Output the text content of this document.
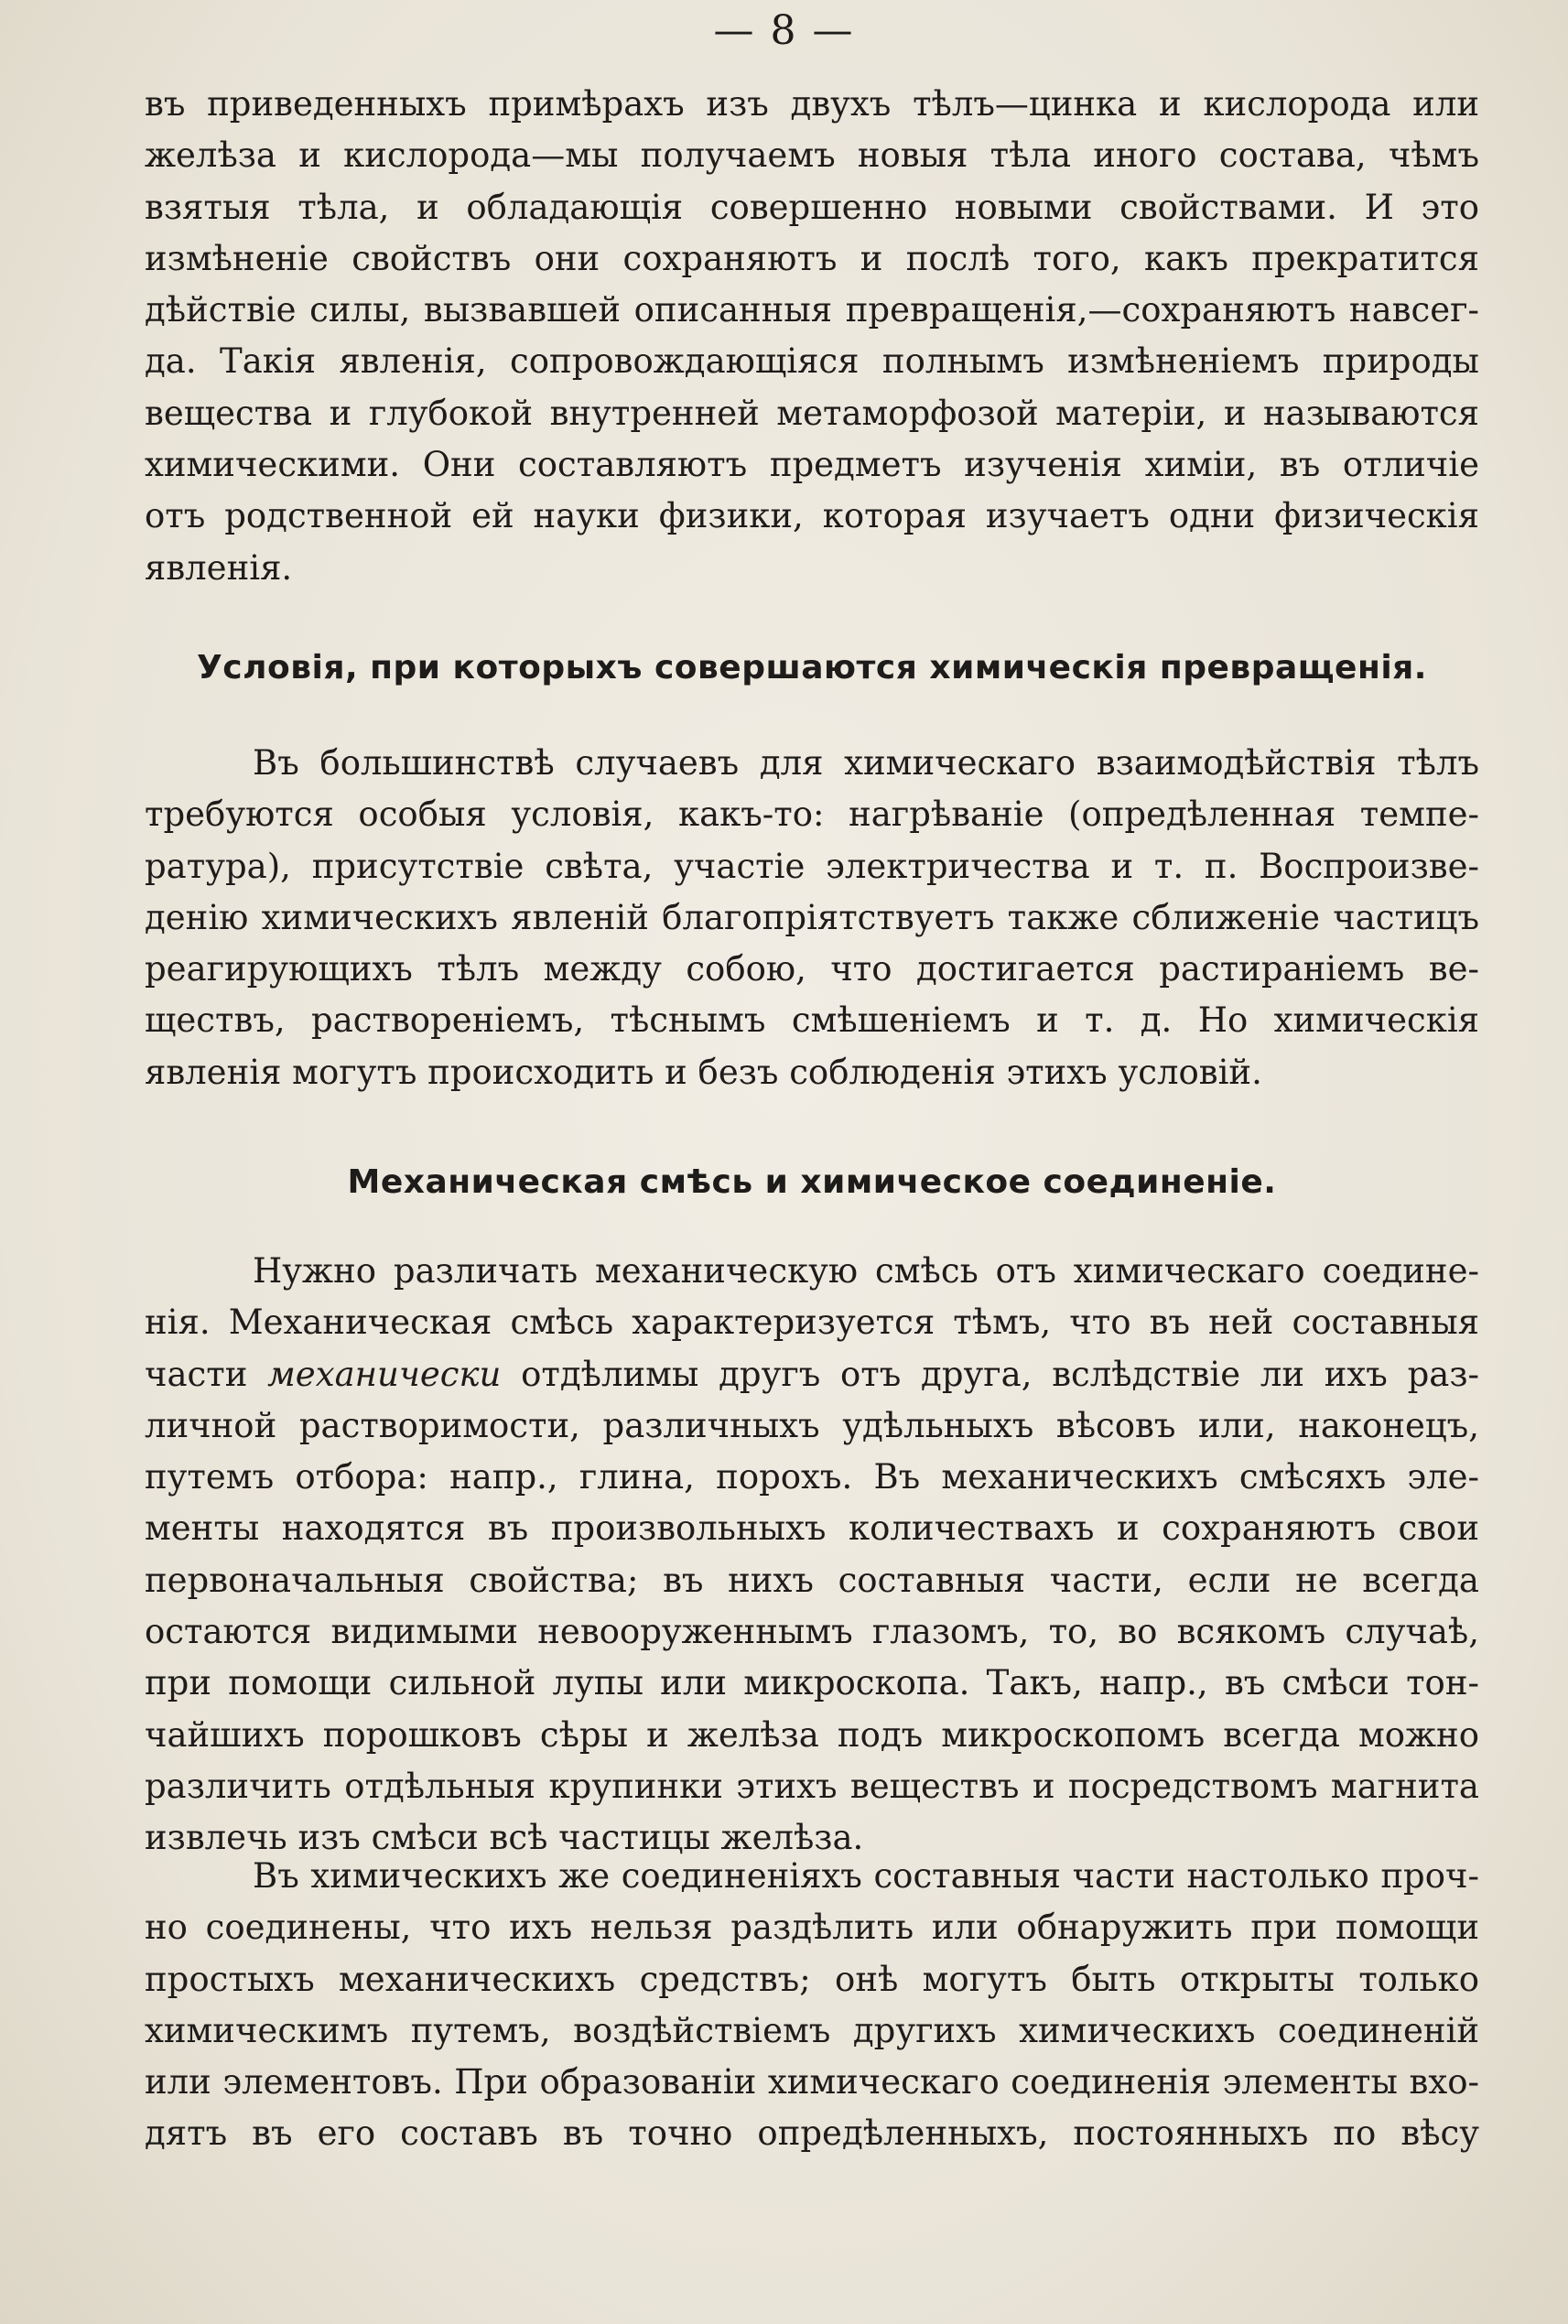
— 8 —

въ приведенныхъ примѣрахъ изъ двухъ тѣлъ—цинка и кислорода или

желѣза и кислорода—мы получаемъ новыя тѣла иного состава, чѣмъ

взятыя тѣла, и обладающія совершенно новыми свойствами. И это

измѣненіе свойствъ они сохраняютъ и послѣ того, какъ прекратится

дѣйствіе силы, вызвавшей описанныя превращенія,—сохраняютъ навсег-

да. Такія явленія, сопровождающіяся полнымъ измѣненіемъ природы

вещества и глубокой внутренней метаморфозой матеріи, и называются

химическими. Они составляютъ предметъ изученія химіи, въ отличіе

отъ родственной ей науки физики, которая изучаетъ одни физическія

явленія.

Условія, при которыхъ совершаются химическія превращенія.

Въ большинствѣ случаевъ для химическаго взаимодѣйствія тѣлъ

требуются особыя условія, какъ-то: нагрѣваніе (опредѣленная темпе-

ратура), присутствіе свѣта, участіе электричества и т. п. Воспроизве-

денію химическихъ явленій благопріятствуетъ также сближеніе частицъ

реагирующихъ тѣлъ между собою, что достигается растираніемъ ве-

ществъ, раствореніемъ, тѣснымъ смѣшеніемъ и т. д. Но химическія

явленія могутъ происходить и безъ соблюденія этихъ условій.

Механическая смѣсь и химическое соединеніе.

Нужно различать механическую смѣсь отъ химическаго соедине-

нія. Механическая смѣсь характеризуется тѣмъ, что въ ней составныя

части механически отдѣлимы другъ отъ друга, вслѣдствіе ли ихъ раз-

личной растворимости, различныхъ удѣльныхъ вѣсовъ или, наконецъ,

путемъ отбора: напр., глина, порохъ. Въ механическихъ смѣсяхъ эле-

менты находятся въ произвольныхъ количествахъ и сохраняютъ свои

первоначальныя свойства; въ нихъ составныя части, если не всегда

остаются видимыми невооруженнымъ глазомъ, то, во всякомъ случаѣ,

при помощи сильной лупы или микроскопа. Такъ, напр., въ смѣси тон-

чайшихъ порошковъ сѣры и желѣза подъ микроскопомъ всегда можно

различить отдѣльныя крупинки этихъ веществъ и посредствомъ магнита

извлечь изъ смѣси всѣ частицы желѣза.

Въ химическихъ же соединеніяхъ составныя части настолько проч-

но соединены, что ихъ нельзя раздѣлить или обнаружить при помощи

простыхъ механическихъ средствъ; онѣ могутъ быть открыты только

химическимъ путемъ, воздѣйствіемъ другихъ химическихъ соединеній

или элементовъ. При образованіи химическаго соединенія элементы вхо-

дятъ въ его составъ въ точно опредѣленныхъ, постоянныхъ по вѣсу
